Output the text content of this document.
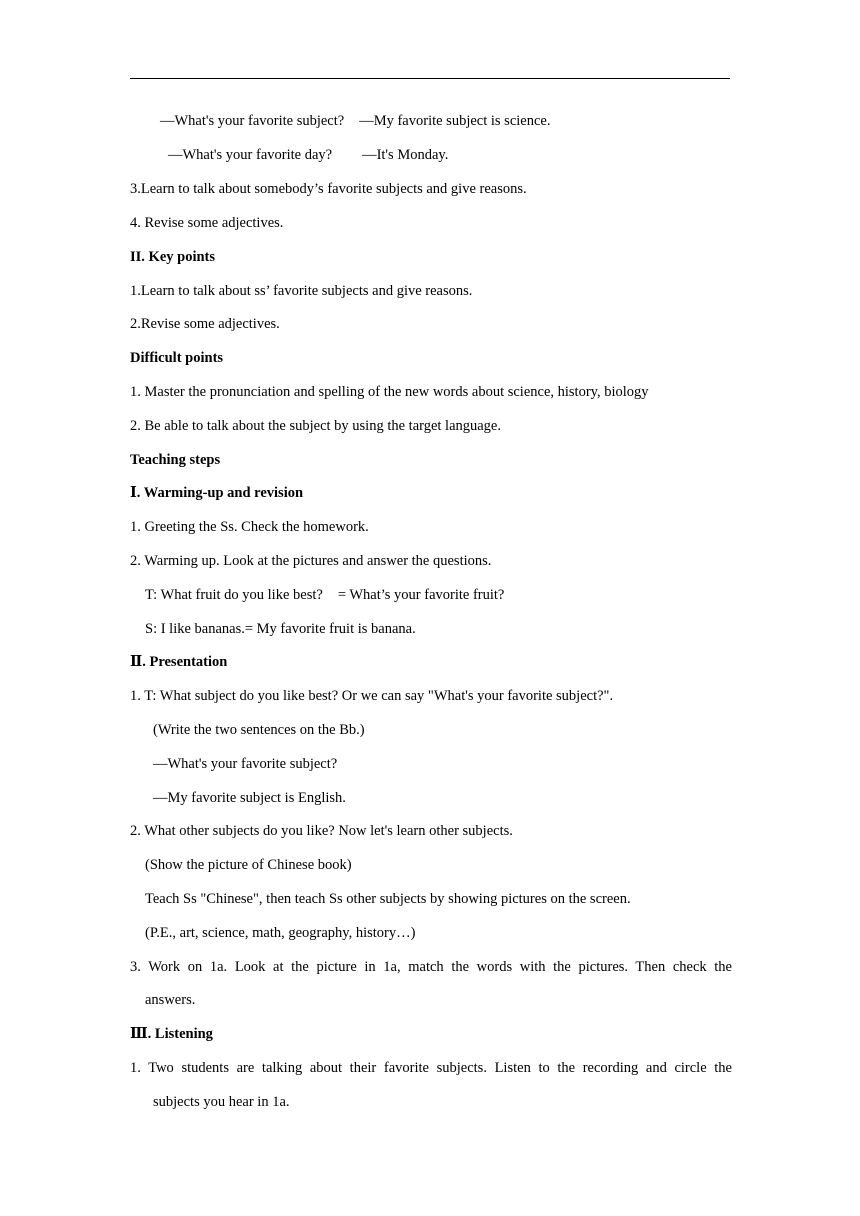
—What's your favorite subject? —My favorite subject is science.
—What's your favorite day? —It's Monday.
3.Learn to talk about somebody’s favorite subjects and give reasons.
4. Revise some adjectives.
II. Key points
1.Learn to talk about ss’ favorite subjects and give reasons.
2.Revise some adjectives.
Difficult points
1. Master the pronunciation and spelling of the new words about science, history, biology
2. Be able to talk about the subject by using the target language.
Teaching steps
Ⅰ. Warming-up and revision
1. Greeting the Ss. Check the homework.
2. Warming up. Look at the pictures and answer the questions.
T: What fruit do you like best? = What’s your favorite fruit?
S: I like bananas.= My favorite fruit is banana.
Ⅱ. Presentation
1. T: What subject do you like best? Or we can say "What's your favorite subject?".
(Write the two sentences on the Bb.)
—What's your favorite subject?
—My favorite subject is English.
2. What other subjects do you like? Now let's learn other subjects.
(Show the picture of Chinese book)
Teach Ss "Chinese", then teach Ss other subjects by showing pictures on the screen.
(P.E., art, science, math, geography, history…)
3. Work on 1a. Look at the picture in 1a, match the words with the pictures. Then check the
answers.
Ⅲ. Listening
1. Two students are talking about their favorite subjects. Listen to the recording and circle the
subjects you hear in 1a.
